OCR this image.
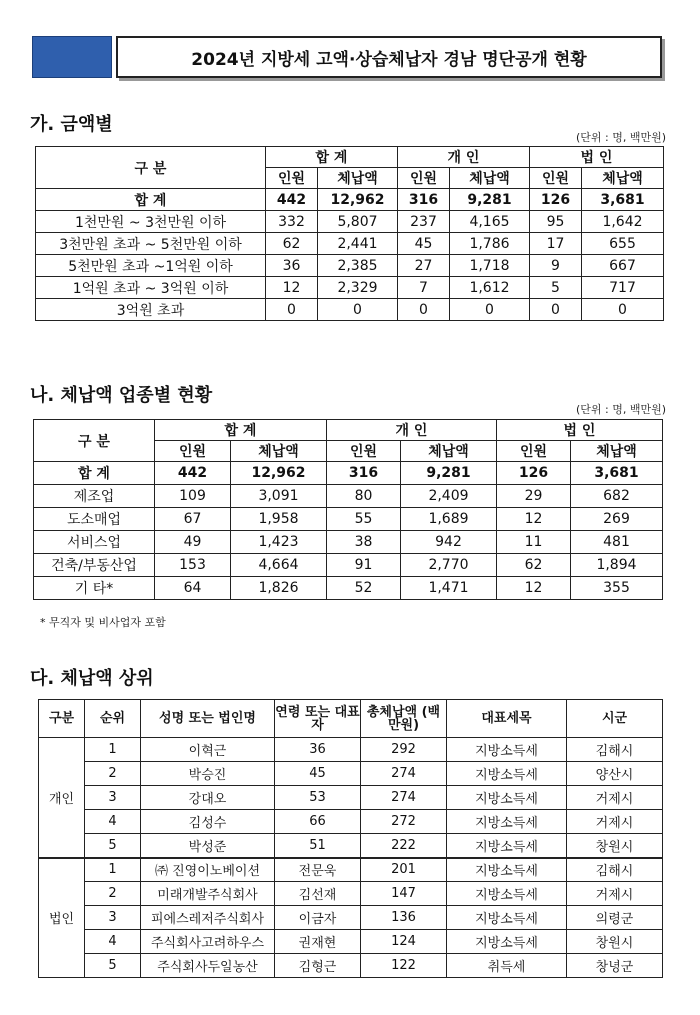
2024년 지방세 고액·상습체납자 경남 명단공개 현황
가. 금액별
(단위 : 명, 백만원)
구 분	합 계		개 인		법 인	
	인원	체납액	인원	체납액	인원	체납액
합 계	442	12,962	316	9,281	126	3,681
1천만원 ~ 3천만원 이하	332	5,807	237	4,165	95	1,642
3천만원 초과 ~ 5천만원 이하	62	2,441	45	1,786	17	655
5천만원 초과 ~1억원 이하	36	2,385	27	1,718	9	667
1억원 초과 ~ 3억원 이하	12	2,329	7	1,612	5	717
3억원 초과	0	0	0	0	0	0
나. 체납액 업종별 현황
(단위 : 명, 백만원)
구 분	합 계		개 인		법 인	
	인원	체납액	인원	체납액	인원	체납액
합 계	442	12,962	316	9,281	126	3,681
제조업	109	3,091	80	2,409	29	682
도소매업	67	1,958	55	1,689	12	269
서비스업	49	1,423	38	942	11	481
건축/부동산업	153	4,664	91	2,770	62	1,894
기 타*	64	1,826	52	1,471	12	355
* 무직자 및 비사업자 포함
다. 체납액 상위
구분	순위	성명 또는 법인명	연령 또는 대표자	총체납액 (백만원)	대표세목	시군
개인	1	이혁근	36	292	지방소득세	김해시
	2	박승진	45	274	지방소득세	양산시
	3	강대오	53	274	지방소득세	거제시
	4	김성수	66	272	지방소득세	거제시
	5	박성준	51	222	지방소득세	창원시
법인	1	㈜ 진영이노베이션	전문욱	201	지방소득세	김해시
	2	미래개발주식회사	김선재	147	지방소득세	거제시
	3	피에스레저주식회사	이금자	136	지방소득세	의령군
	4	주식회사고려하우스	권재현	124	지방소득세	창원시
	5	주식회사두일농산	김형근	122	취득세	창녕군
